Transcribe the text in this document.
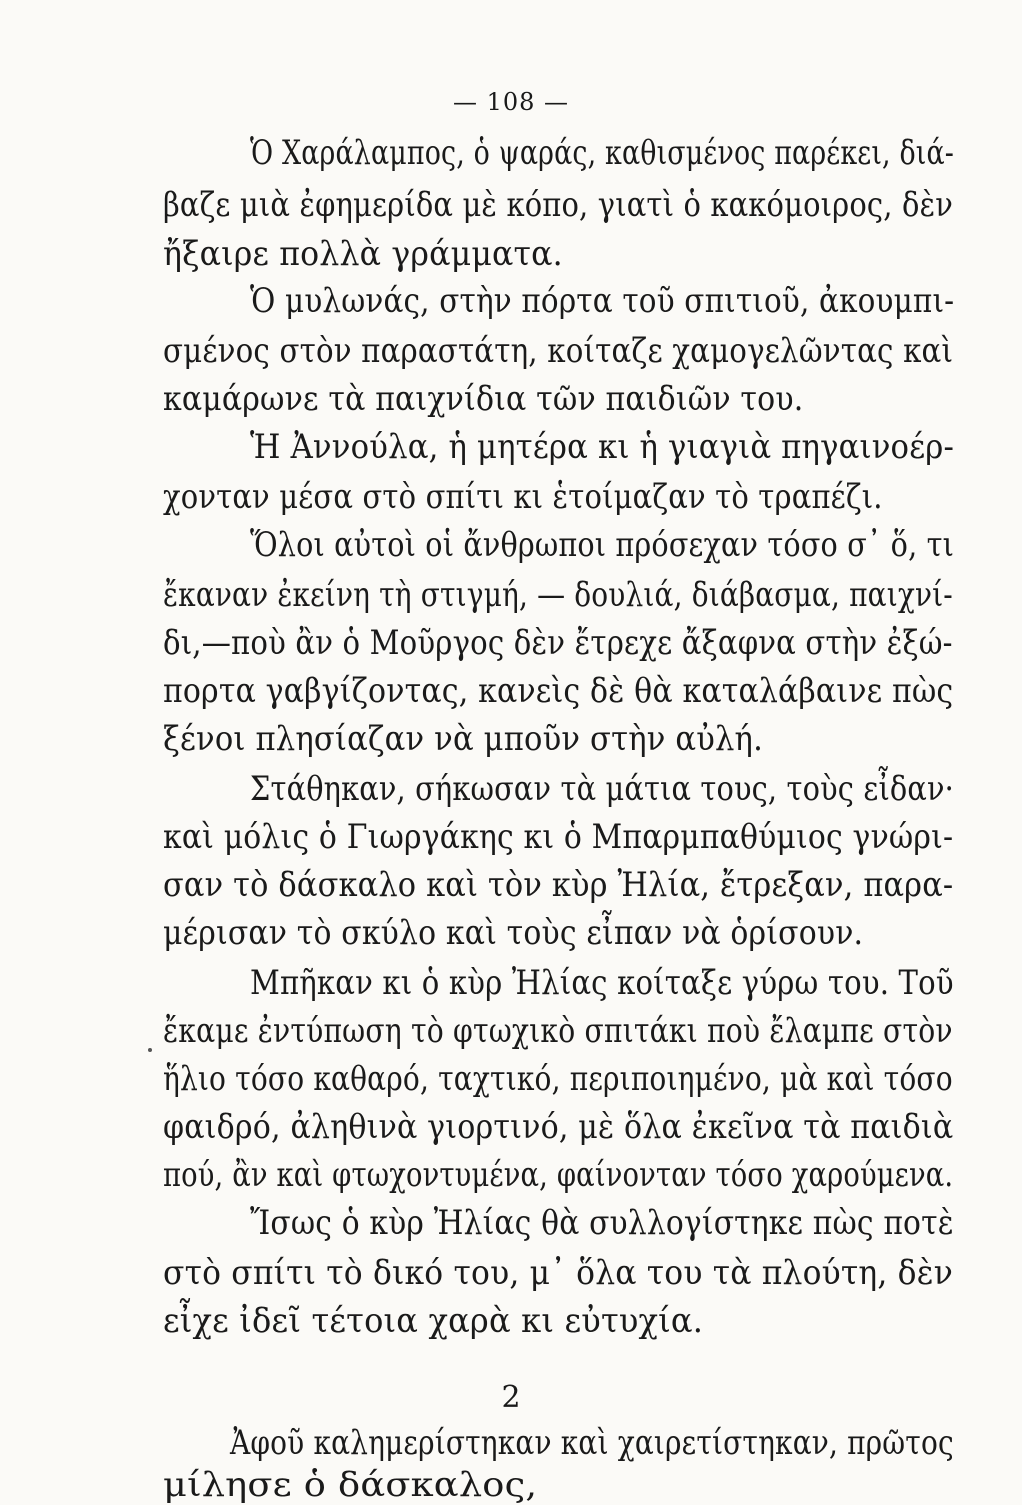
— 108 —
Ὁ Χαράλαμπος, ὁ ψαράς, καθισμένος παρέκει, διά-
βαζε μιὰ ἐφημερίδα μὲ κόπο, γιατὶ ὁ κακόμοιρος, δὲν
ἤξαιρε πολλὰ γράμματα.
Ὁ μυλωνάς, στὴν πόρτα τοῦ σπιτιοῦ, ἀκουμπι-
σμένος στὸν παραστάτη, κοίταζε χαμογελῶντας καὶ
καμάρωνε τὰ παιχνίδια τῶν παιδιῶν του.
Ἡ Ἀννούλα, ἡ μητέρα κι ἡ γιαγιὰ πηγαινοέρ-
χονταν μέσα στὸ σπίτι κι ἑτοίμαζαν τὸ τραπέζι.
Ὅλοι αὐτοὶ οἱ ἄνθρωποι πρόσεχαν τόσο σ᾿ ὅ, τι
ἔκαναν ἐκείνη τὴ στιγμή, — δουλιά, διάβασμα, παιχνί-
δι,—ποὺ ἂν ὁ Μοῦργος δὲν ἔτρεχε ἄξαφνα στὴν ἐξώ-
πορτα γαβγίζοντας, κανεὶς δὲ θὰ καταλάβαινε πὼς
ξένοι πλησίαζαν νὰ μποῦν στὴν αὐλή.
Στάθηκαν, σήκωσαν τὰ μάτια τους, τοὺς εἶδαν·
καὶ μόλις ὁ Γιωργάκης κι ὁ Μπαρμπαθύμιος γνώρι-
σαν τὸ δάσκαλο καὶ τὸν κὺρ Ἠλία, ἔτρεξαν, παρα-
μέρισαν τὸ σκύλο καὶ τοὺς εἶπαν νὰ ὁρίσουν.
Μπῆκαν κι ὁ κὺρ Ἠλίας κοίταξε γύρω του. Τοῦ
ἔκαμε ἐντύπωση τὸ φτωχικὸ σπιτάκι ποὺ ἔλαμπε στὸν
ἥλιο τόσο καθαρό, ταχτικό, περιποιημένο, μὰ καὶ τόσο
φαιδρό, ἀληθινὰ γιορτινό, μὲ ὅλα ἐκεῖνα τὰ παιδιὰ
πού, ἂν καὶ φτωχοντυμένα, φαίνονταν τόσο χαρούμενα.
Ἴσως ὁ κὺρ Ἠλίας θὰ συλλογίστηκε πὼς ποτὲ
στὸ σπίτι τὸ δικό του, μ᾿ ὅλα του τὰ πλούτη, δὲν
εἶχε ἰδεῖ τέτοια χαρὰ κι εὐτυχία.
2
Ἀφοῦ καλημερίστηκαν καὶ χαιρετίστηκαν, πρῶτος
μίλησε ὁ δάσκαλος,
